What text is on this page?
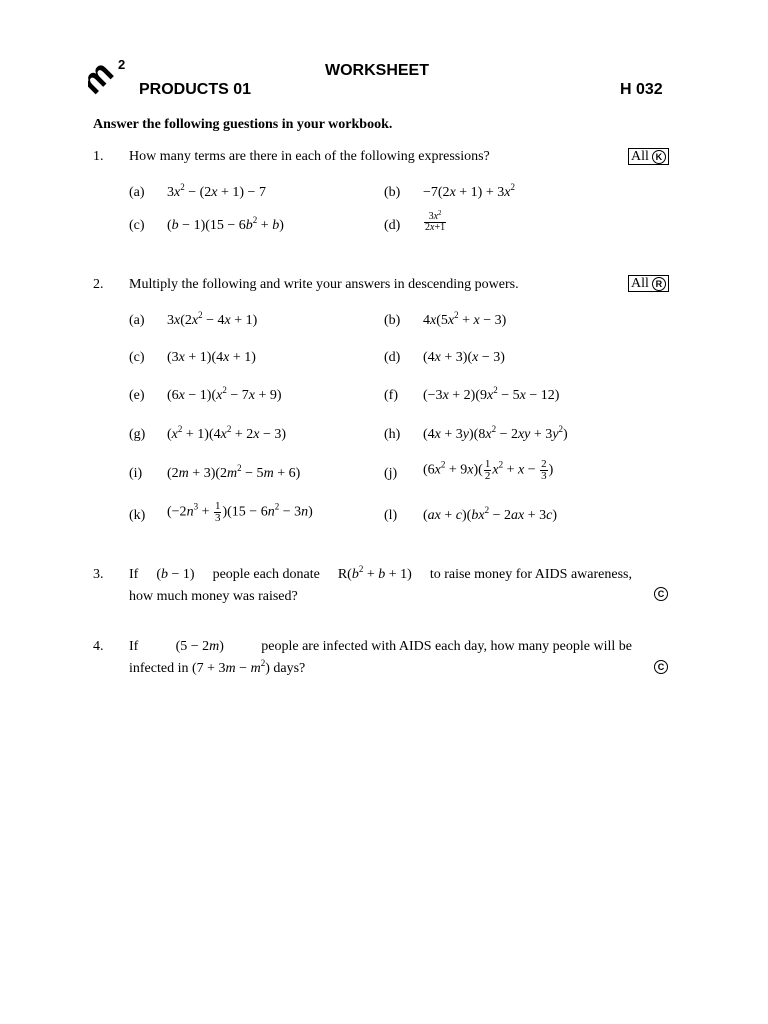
m
2	WORKSHEET
PRODUCTS 01	H 032
Answer the following guestions in your workbook.
1. How many terms are there in each of the following expressions?	All K
(a) $3x^2 - (2x + 1) - 7$	$(b) -7(2x + 1) + 3x^2$
(c) $(b - 1)(15 - 6b^2 + b)$	$(d) \frac{3x^2}{2x+1}$
2. Multiply the following and write your answers in descending powers.	All R
(a) $3x(2x^2 - 4x + 1)$	(b) $4x(5x^2 + x - 3)$
(c) (3x + 1)(4x + 1)	(d) (4x + 3)(x − 3)
(e) $(6x - 1)(x^2 - 7x + 9)$	(f) $(-3x + 2)(9x^2 - 5x - 12)$
(g) $(x^2 + 1)(4x^2 + 2x - 3)$	(h) $(4x + 3y)(8x^2 - 2xy + 3y^2)$
(i) $(2m + 3)(2m^2 - 5m + 6)$	(j) $(6x^2 + 9x)( \frac{1}{2} x^2 + x - \frac{2}{3}$ )
(k) $(-2n^3 + \frac{1}{3} )(15 - 6n^2 - 3n)$	(l) $(ax + c)(bx^2 - 2ax + 3c)$
3. If (b − 1) people each donate $R(b^2 + b + 1)$ to raise money for AIDS awareness,
how much money was raised?	C
4. If	(5 − 2m)	people are infected with AIDS each day, how many people will be
infected in $(7 + 3m - m^2)$ days?	C
